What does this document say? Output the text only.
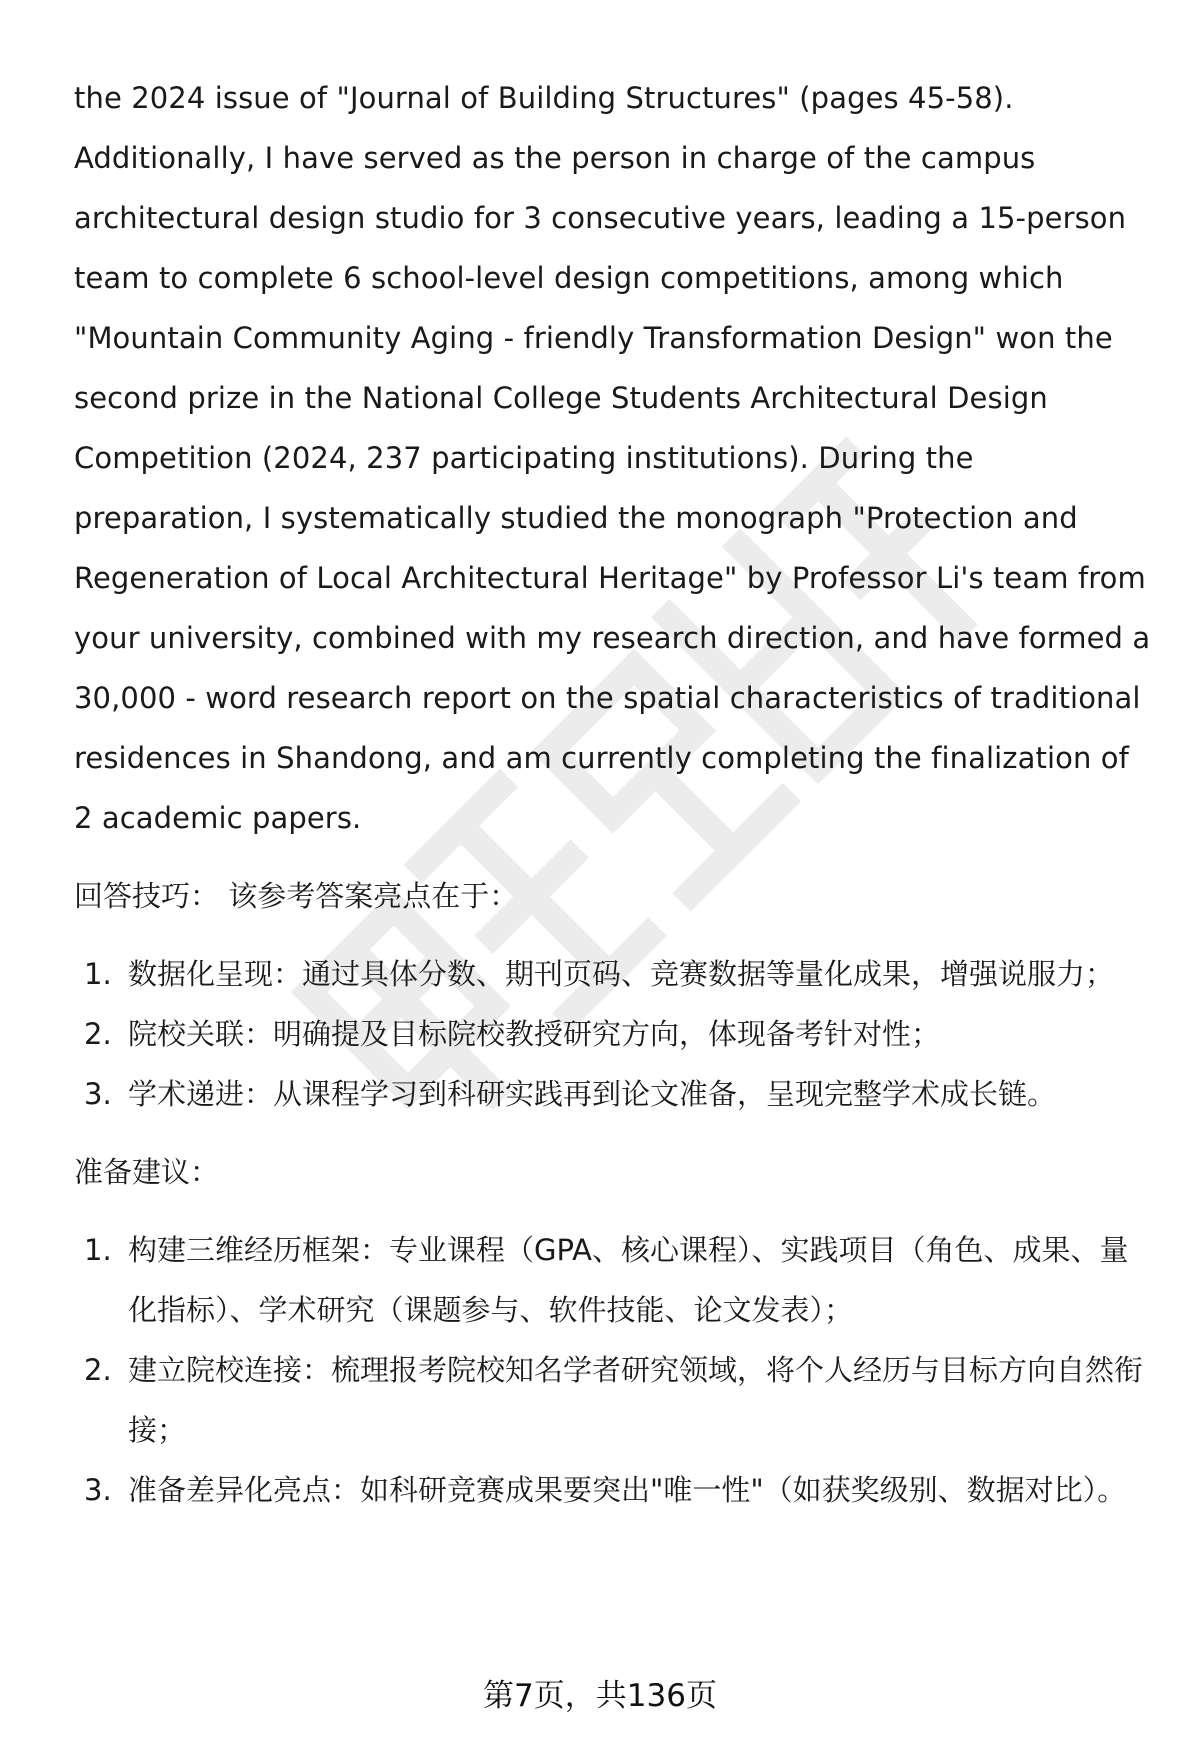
the 2024 issue of "Journal of Building Structures" (pages 45-58). Additionally, I have served as the person in charge of the campus architectural design studio for 3 consecutive years, leading a 15-person team to complete 6 school-level design competitions, among which "Mountain Community Aging - friendly Transformation Design" won the second prize in the National College Students Architectural Design Competition (2024, 237 participating institutions). During the preparation, I systematically studied the monograph "Protection and Regeneration of Local Architectural Heritage" by Professor Li's team from your university, combined with my research direction, and have formed a 30,000 - word research report on the spatial characteristics of traditional residences in Shandong, and am currently completing the finalization of 2 academic papers.

回答技巧： 该参考答案亮点在于：

1. 数据化呈现：通过具体分数、期刊页码、竞赛数据等量化成果，增强说服力；
2. 院校关联：明确提及目标院校教授研究方向，体现备考针对性；
3. 学术递进：从课程学习到科研实践再到论文准备，呈现完整学术成长链。

准备建议：

1. 构建三维经历框架：专业课程（GPA、核心课程）、实践项目（角色、成果、量化指标）、学术研究（课题参与、软件技能、论文发表）；
2. 建立院校连接：梳理报考院校知名学者研究领域，将个人经历与目标方向自然衔接；
3. 准备差异化亮点：如科研竞赛成果要突出"唯一性"（如获奖级别、数据对比）。
第7页，共136页
